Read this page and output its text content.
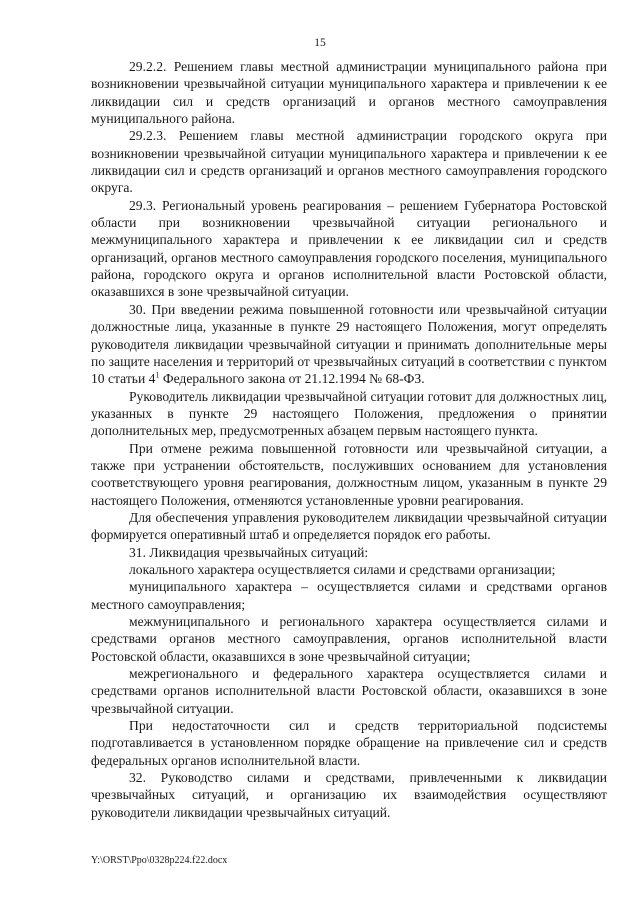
15

29.2.2. Решением главы местной администрации муниципального района при возникновении чрезвычайной ситуации муниципального характера и привлечении к ее ликвидации сил и средств организаций и органов местного самоуправления муниципального района.

29.2.3. Решением главы местной администрации городского округа при возникновении чрезвычайной ситуации муниципального характера и привлечении к ее ликвидации сил и средств организаций и органов местного самоуправления городского округа.

29.3. Региональный уровень реагирования – решением Губернатора Ростовской области при возникновении чрезвычайной ситуации регионального и межмуниципального характера и привлечении к ее ликвидации сил и средств организаций, органов местного самоуправления городского поселения, муниципального района, городского округа и органов исполнительной власти Ростовской области, оказавшихся в зоне чрезвычайной ситуации.

30. При введении режима повышенной готовности или чрезвычайной ситуации должностные лица, указанные в пункте 29 настоящего Положения, могут определять руководителя ликвидации чрезвычайной ситуации и принимать дополнительные меры по защите населения и территорий от чрезвычайных ситуаций в соответствии с пунктом 10 статьи $4^1$ Федерального закона от 21.12.1994 № 68-ФЗ.

Руководитель ликвидации чрезвычайной ситуации готовит для должностных лиц, указанных в пункте 29 настоящего Положения, предложения о принятии дополнительных мер, предусмотренных абзацем первым настоящего пункта.

При отмене режима повышенной готовности или чрезвычайной ситуации, а также при устранении обстоятельств, послуживших основанием для установления соответствующего уровня реагирования, должностным лицом, указанным в пункте 29 настоящего Положения, отменяются установленные уровни реагирования.

Для обеспечения управления руководителем ликвидации чрезвычайной ситуации формируется оперативный штаб и определяется порядок его работы.

31. Ликвидация чрезвычайных ситуаций:

локального характера осуществляется силами и средствами организации;

муниципального характера – осуществляется силами и средствами органов местного самоуправления;

межмуниципального и регионального характера осуществляется силами и средствами органов местного самоуправления, органов исполнительной власти Ростовской области, оказавшихся в зоне чрезвычайной ситуации;

межрегионального и федерального характера осуществляется силами и средствами органов исполнительной власти Ростовской области, оказавшихся в зоне чрезвычайной ситуации.

При недостаточности сил и средств территориальной подсистемы подготавливается в установленном порядке обращение на привлечение сил и средств федеральных органов исполнительной власти.

32. Руководство силами и средствами, привлеченными к ликвидации чрезвычайных ситуаций, и организацию их взаимодействия осуществляют руководители ликвидации чрезвычайных ситуаций.

Y:\ORST\Ppo\0328p224.f22.docx
